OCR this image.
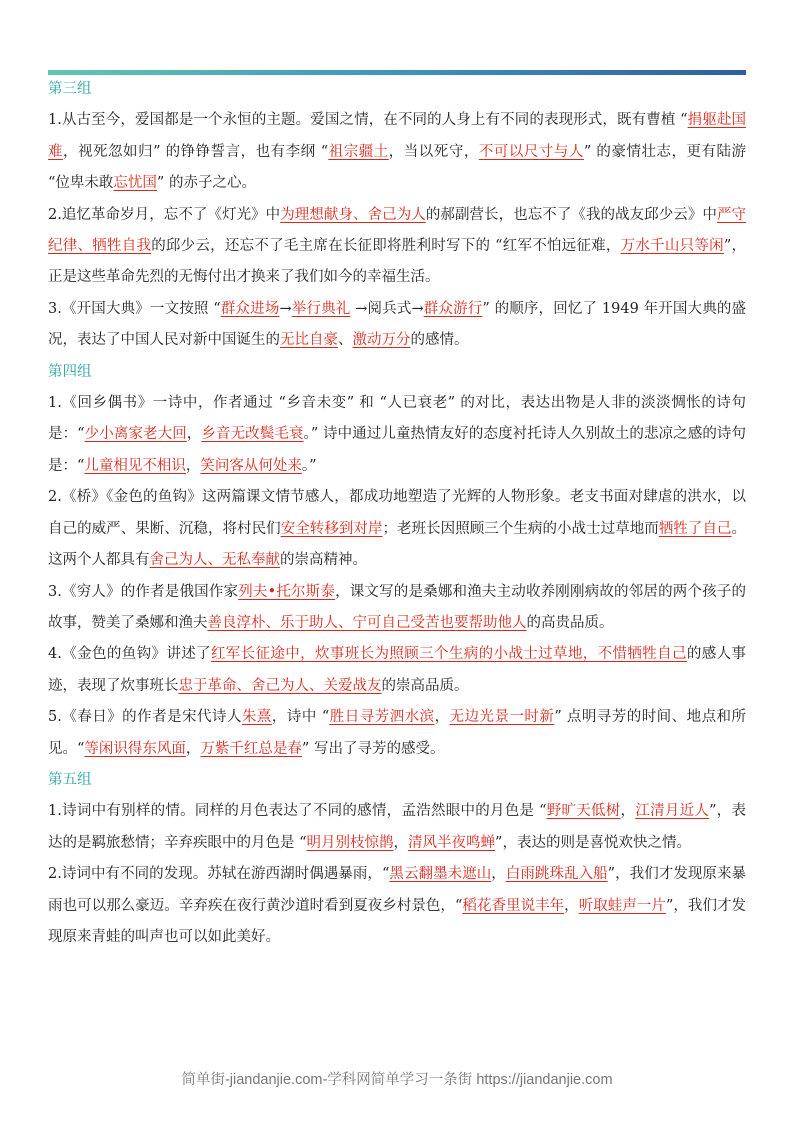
第三组

1.从古至今，爱国都是一个永恒的主题。爱国之情，在不同的人身上有不同的表现形式，既有曹植 “捐躯赴国难，视死忽如归” 的铮铮誓言，也有李纲 “祖宗疆土，当以死守，不可以尺寸与人” 的豪情壮志，更有陆游 “位卑未敢忘忧国” 的赤子之心。

2.追忆革命岁月，忘不了《灯光》中为理想献身、舍己为人的郝副营长，也忘不了《我的战友邱少云》中严守纪律、牺牲自我的邱少云，还忘不了毛主席在长征即将胜利时写下的 “红军不怕远征难，万水千山只等闲”，正是这些革命先烈的无悔付出才换来了我们如今的幸福生活。

3.《开国大典》一文按照 “群众进场→举行典礼 →阅兵式→群众游行” 的顺序，回忆了 1949 年开国大典的盛况，表达了中国人民对新中国诞生的无比自豪、激动万分的感情。

第四组

1.《回乡偶书》一诗中，作者通过 “乡音未变” 和 “人已衰老” 的对比，表达出物是人非的淡淡惆怅的诗句是：“少小离家老大回，乡音无改鬓毛衰。” 诗中通过儿童热情友好的态度衬托诗人久别故土的悲凉之感的诗句是：“儿童相见不相识，笑问客从何处来。”

2.《桥》《金色的鱼钩》这两篇课文情节感人，都成功地塑造了光辉的人物形象。老支书面对肆虐的洪水，以自己的威严、果断、沉稳，将村民们安全转移到对岸；老班长因照顾三个生病的小战士过草地而牺牲了自己。这两个人都具有舍己为人、无私奉献的崇高精神。

3.《穷人》的作者是俄国作家列夫•托尔斯泰，课文写的是桑娜和渔夫主动收养刚刚病故的邻居的两个孩子的故事，赞美了桑娜和渔夫善良淳朴、乐于助人、宁可自己受苦也要帮助他人的高贵品质。

4.《金色的鱼钩》讲述了红军长征途中，炊事班长为照顾三个生病的小战士过草地，不惜牺牲自己的感人事迹，表现了炊事班长忠于革命、舍己为人、关爱战友的崇高品质。

5.《春日》的作者是宋代诗人朱熹，诗中 “胜日寻芳泗水滨，无边光景一时新” 点明寻芳的时间、地点和所见。“等闲识得东风面，万紫千红总是春” 写出了寻芳的感受。

第五组

1.诗词中有别样的情。同样的月色表达了不同的感情，孟浩然眼中的月色是 “野旷天低树，江清月近人”，表达的是羁旅愁情；辛弃疾眼中的月色是 “明月别枝惊鹊，清风半夜鸣蝉”，表达的则是喜悦欢快之情。

2.诗词中有不同的发现。苏轼在游西湖时偶遇暴雨，“黑云翻墨未遮山，白雨跳珠乱入船”，我们才发现原来暴雨也可以那么豪迈。辛弃疾在夜行黄沙道时看到夏夜乡村景色，“稻花香里说丰年，听取蛙声一片”，我们才发现原来青蛙的叫声也可以如此美好。

简单街-jiandanjie.com-学科网简单学习一条街 https://jiandanjie.com
